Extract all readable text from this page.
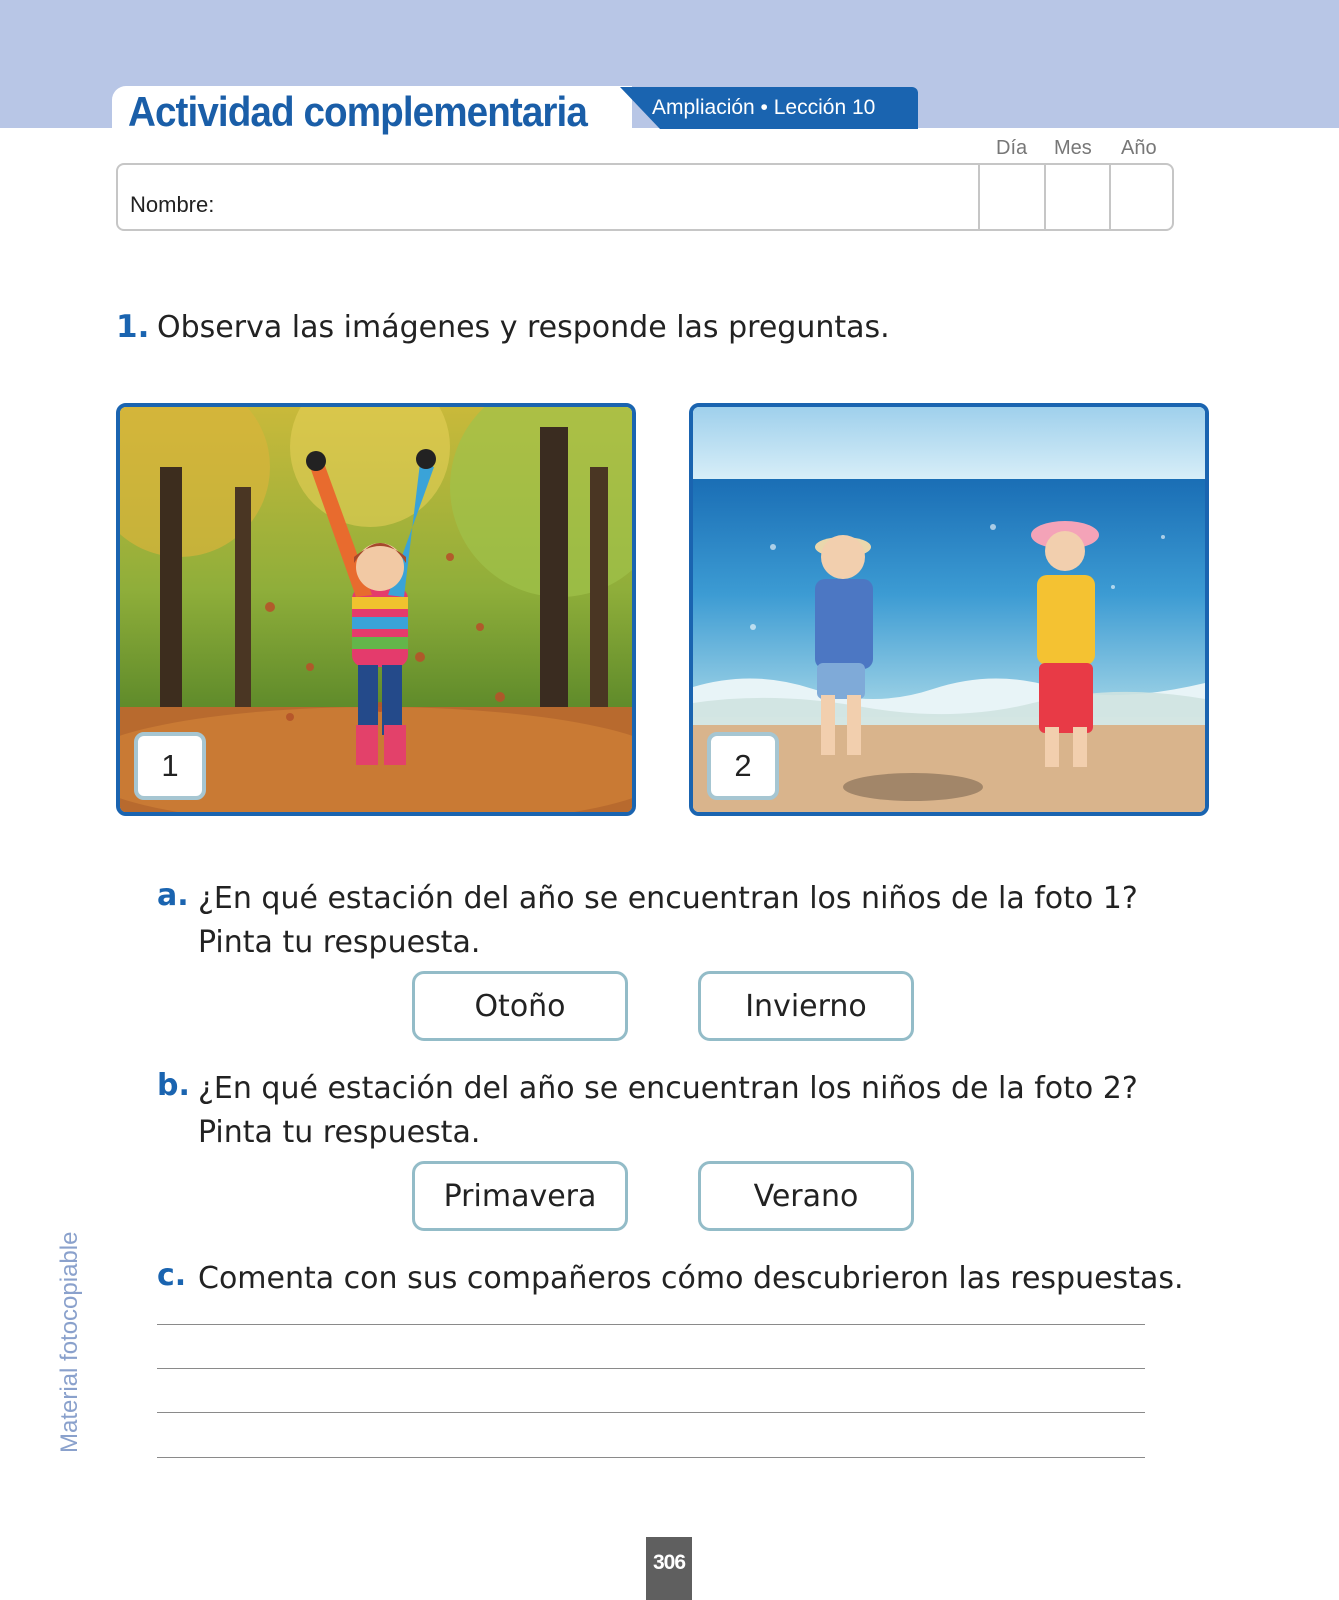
Actividad complementaria	Ampliación • Lección 10
Día Mes Año
Nombre:
1. Observa las imágenes y responde las preguntas.
1	2
a. ¿En qué estación del año se encuentran los niños de la foto 1? Pinta tu respuesta.
Otoño	Invierno
b. ¿En qué estación del año se encuentran los niños de la foto 2? Pinta tu respuesta.
Primavera	Verano
c. Comenta con sus compañeros cómo descubrieron las respuestas.
Material fotocopiable
306
